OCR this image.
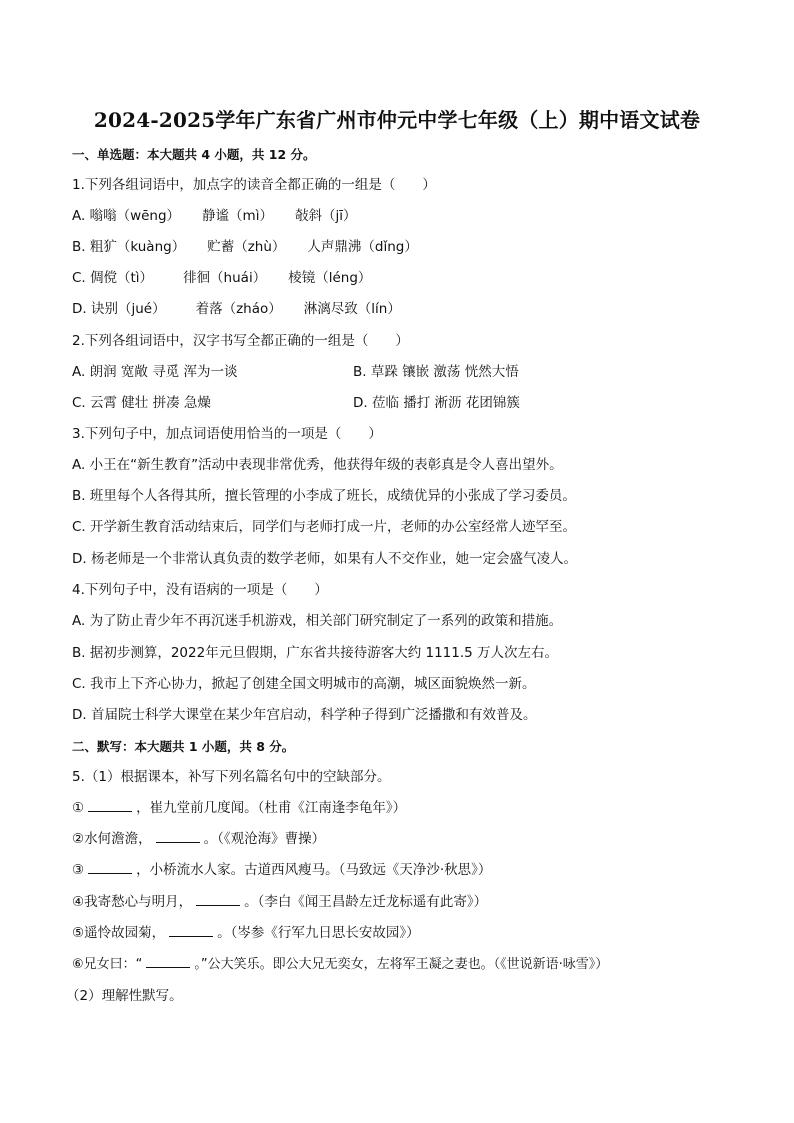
2024-2025学年广东省广州市仲元中学七年级（上）期中语文试卷
一、单选题：本大题共 4 小题，共 12 分。
1.下列各组词语中，加点字的读音全都正确的一组是（　　）
A. 嗡嗡（wēng） 静谧（mì） 敧斜（jī）
B. 粗犷（kuàng） 贮蓄（zhù） 人声鼎沸（dǐng）
C. 倜傥（tì） 徘徊（huái） 棱镜（léng）
D. 诀别（jué） 着落（zháo） 淋漓尽致（lín）
2.下列各组词语中，汉字书写全都正确的一组是（　　）
A. 朗润 宽敞 寻觅 浑为一谈	B. 草跺 镶嵌 激荡 恍然大悟
C. 云霄 健壮 拼凑 急燥	D. 莅临 播打 淅沥 花团锦簇
3.下列句子中，加点词语使用恰当的一项是（　　）
A. 小王在“新生教育”活动中表现非常优秀，他获得年级的表彰真是令人喜出望外。
B. 班里每个人各得其所，擅长管理的小李成了班长，成绩优异的小张成了学习委员。
C. 开学新生教育活动结束后，同学们与老师打成一片，老师的办公室经常人迹罕至。
D. 杨老师是一个非常认真负责的数学老师，如果有人不交作业，她一定会盛气凌人。
4.下列句子中，没有语病的一项是（　　）
A. 为了防止青少年不再沉迷手机游戏，相关部门研究制定了一系列的政策和措施。
B. 据初步测算，2022年元旦假期，广东省共接待游客大约 1111.5 万人次左右。
C. 我市上下齐心协力，掀起了创建全国文明城市的高潮，城区面貌焕然一新。
D. 首届院士科学大课堂在某少年宫启动，科学种子得到广泛播撒和有效普及。
二、默写：本大题共 1 小题，共 8 分。
5.（1）根据课本，补写下列名篇名句中的空缺部分。
①	，崔九堂前几度闻。（杜甫《江南逢李龟年》）
②水何澹澹，	。（《观沧海》曹操）
③	，小桥流水人家。古道西风瘦马。（马致远《天净沙·秋思》）
④我寄愁心与明月，	。（李白《闻王昌龄左迁龙标遥有此寄》）
⑤遥怜故园菊，	。（岑参《行军九日思长安故园》）
⑥兄女曰：“	。”公大笑乐。即公大兄无奕女，左将军王凝之妻也。（《世说新语·咏雪》）
（2）理解性默写。
